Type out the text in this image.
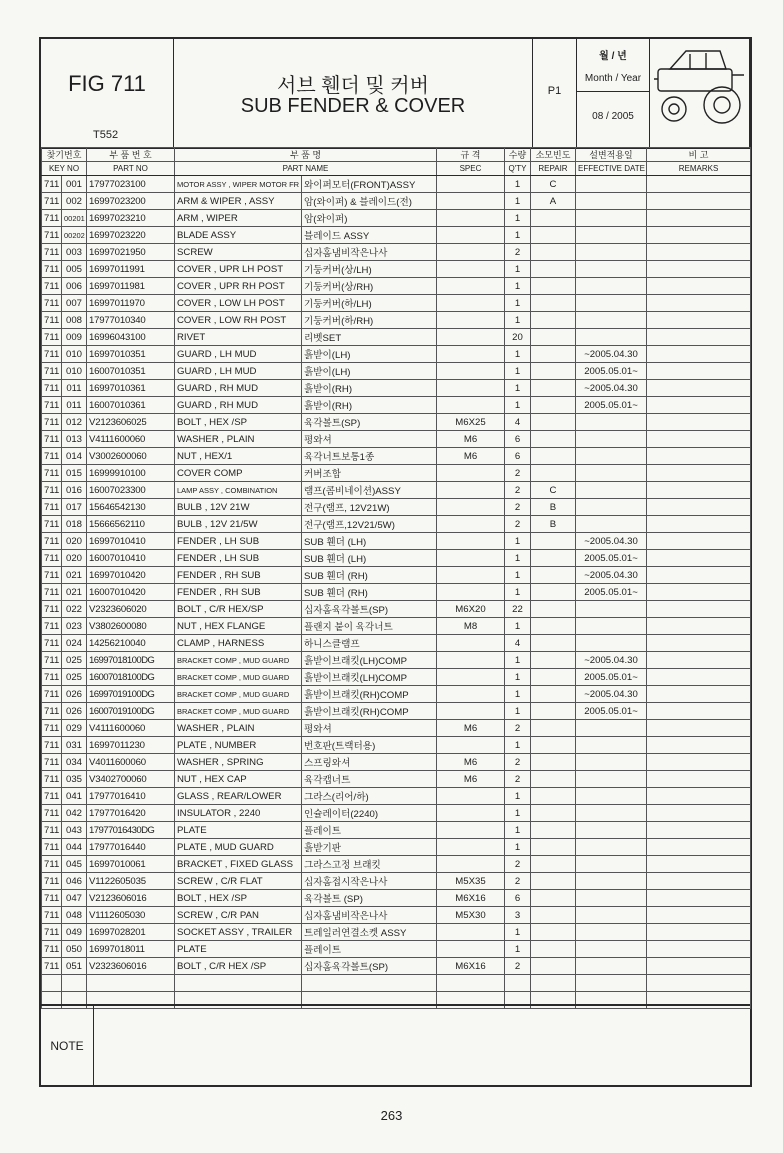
FIG 711
T552
서브 휀더 및 커버
SUB FENDER & COVER
P1
월 / 년
Month / Year
08 / 2005
찾기번호		부 품 번 호	부 품 명		규 격	수량	소모빈도	설변적용일	비 고
KEY NO		PART NO	PART NAME		SPEC	Q'TY	REPAIR	EFFECTIVE DATE	REMARKS
711	001	17977023100	MOTOR ASSY , WIPER MOTOR FR	와이퍼모터(FRONT)ASSY		1	C		
711	002	16997023200	ARM & WIPER , ASSY	암(와이퍼) & 블레이드(전)		1	A		
711	00201	16997023210	ARM , WIPER	암(와이퍼)		1			
711	00202	16997023220	BLADE ASSY	블레이드 ASSY		1			
711	003	16997021950	SCREW	십자홈냄비작은나사		2			
711	005	16997011991	COVER , UPR LH POST	기둥커버(상/LH)		1			
711	006	16997011981	COVER , UPR RH POST	기둥커버(상/RH)		1			
711	007	16997011970	COVER , LOW LH POST	기둥커버(하/LH)		1			
711	008	17977010340	COVER , LOW RH POST	기둥커버(하/RH)		1			
711	009	16996043100	RIVET	리벳SET		20			
711	010	16997010351	GUARD , LH MUD	흙받이(LH)		1		~2005.04.30	
711	010	16007010351	GUARD , LH MUD	흙받이(LH)		1		2005.05.01~	
711	011	16997010361	GUARD , RH MUD	흙받이(RH)		1		~2005.04.30	
711	011	16007010361	GUARD , RH MUD	흙받이(RH)		1		2005.05.01~	
711	012	V2123606025	BOLT , HEX /SP	육각볼트(SP)	M6X25	4			
711	013	V4111600060	WASHER , PLAIN	평와셔	M6	6			
711	014	V3002600060	NUT , HEX/1	육각너트보통1종	M6	6			
711	015	16999910100	COVER COMP	커버조합		2			
711	016	16007023300	LAMP ASSY , COMBINATION	램프(콤비네이션)ASSY		2	C		
711	017	15646542130	BULB , 12V 21W	전구(램프, 12V21W)		2	B		
711	018	15666562110	BULB , 12V 21/5W	전구(램프,12V21/5W)		2	B		
711	020	16997010410	FENDER , LH SUB	SUB 휀더 (LH)		1		~2005.04.30	
711	020	16007010410	FENDER , LH SUB	SUB 휀더 (LH)		1		2005.05.01~	
711	021	16997010420	FENDER , RH SUB	SUB 휀더 (RH)		1		~2005.04.30	
711	021	16007010420	FENDER , RH SUB	SUB 휀더 (RH)		1		2005.05.01~	
711	022	V2323606020	BOLT , C/R HEX/SP	십자홈육각볼트(SP)	M6X20	22			
711	023	V3802600080	NUT , HEX FLANGE	플랜지 붙이 육각너트	M8	1			
711	024	14256210040	CLAMP , HARNESS	하니스클램프		4			
711	025	16997018100DG	BRACKET COMP , MUD GUARD	흙받이브래킷(LH)COMP		1		~2005.04.30	
711	025	16007018100DG	BRACKET COMP , MUD GUARD	흙받이브래킷(LH)COMP		1		2005.05.01~	
711	026	16997019100DG	BRACKET COMP , MUD GUARD	흙받이브래킷(RH)COMP		1		~2005.04.30	
711	026	16007019100DG	BRACKET COMP , MUD GUARD	흙받이브래킷(RH)COMP		1		2005.05.01~	
711	029	V4111600060	WASHER , PLAIN	평와셔	M6	2			
711	031	16997011230	PLATE , NUMBER	번호판(트랙터용)		1			
711	034	V4011600060	WASHER , SPRING	스프링와셔	M6	2			
711	035	V3402700060	NUT , HEX CAP	육각캡너트	M6	2			
711	041	17977016410	GLASS , REAR/LOWER	그라스(리어/하)		1			
711	042	17977016420	INSULATOR , 2240	인슐레이터(2240)		1			
711	043	17977016430DG	PLATE	플레이트		1			
711	044	17977016440	PLATE , MUD GUARD	흙받기판		1			
711	045	16997010061	BRACKET , FIXED GLASS	그라스고정 브래킷		2			
711	046	V1122605035	SCREW , C/R FLAT	십자홈접시작은나사	M5X35	2			
711	047	V2123606016	BOLT , HEX /SP	육각볼트 (SP)	M6X16	6			
711	048	V1112605030	SCREW , C/R PAN	십자홈냄비작은나사	M5X30	3			
711	049	16997028201	SOCKET ASSY , TRAILER	트레일러연결소켓 ASSY		1			
711	050	16997018011	PLATE	플레이트		1			
711	051	V2323606016	BOLT , C/R HEX /SP	십자홈육각볼트(SP)	M6X16	2			

NOTE
263
